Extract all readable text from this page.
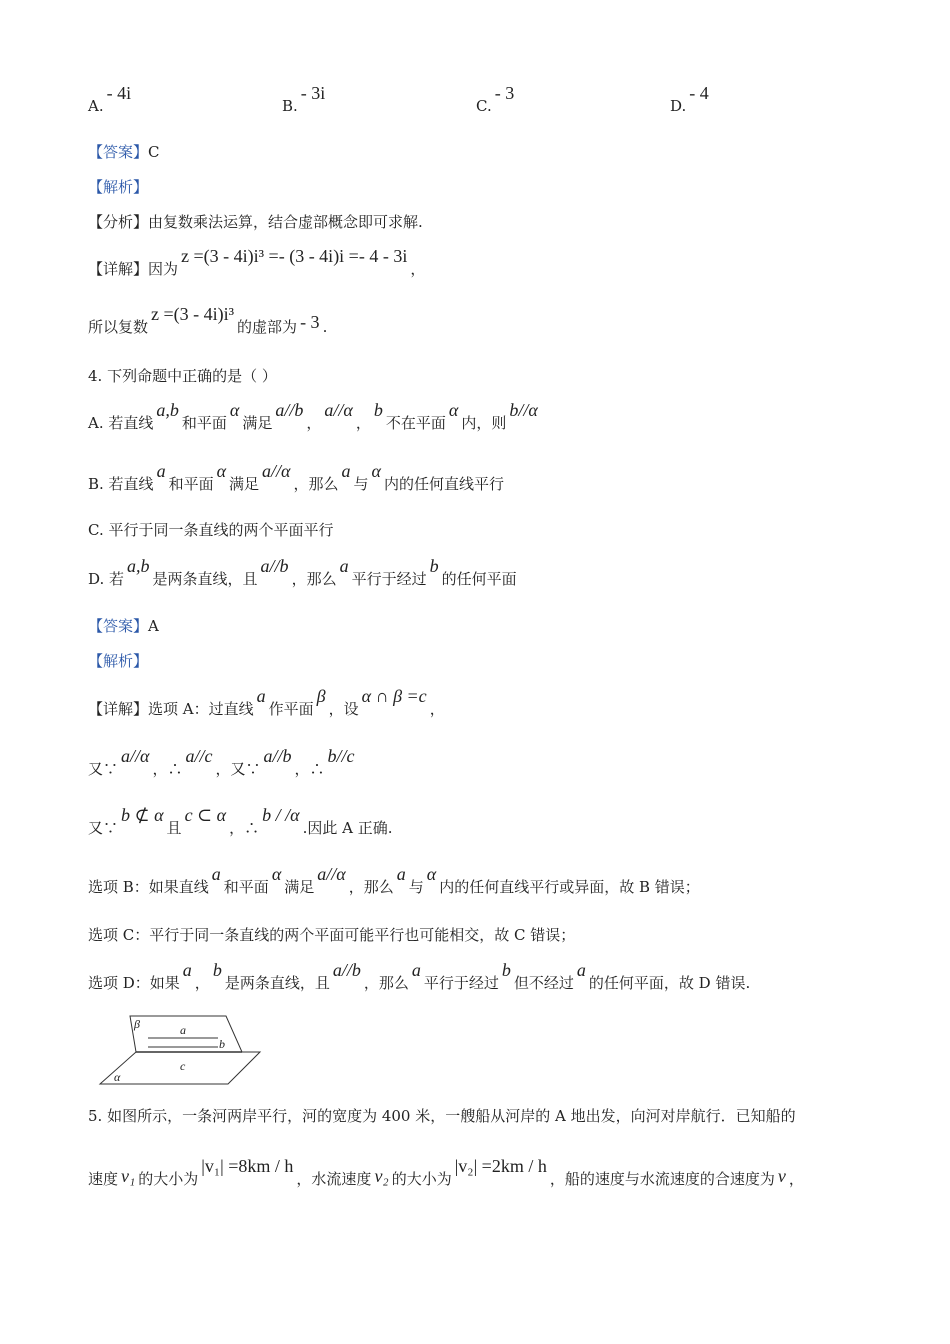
A.- 4i
B.- 3i
C.- 3
D.- 4
【答案】C
【解析】
【分析】由复数乘法运算，结合虚部概念即可求解.
【详解】因为z =(3 - 4i)i³ =- (3 - 4i)i =- 4 - 3i，
所以复数z =(3 - 4i)i³的虚部为 - 3 .
4. 下列命题中正确的是（ ）
A. 若直线a,b和平面α满足a//b，a//α，b不在平面α内，则b//α
B. 若直线a和平面α满足a//α，那么a与α内的任何直线平行
C. 平行于同一条直线的两个平面平行
D. 若a,b是两条直线，且a//b，那么a平行于经过b的任何平面
【答案】A
【解析】
【详解】选项 A：过直线a作平面β，设α ∩ β =c，
又∵a//α，∴a//c，又∵a//b，∴b//c
又∵b ⊄ α且c ⊂ α，∴b / /α.因此 A 正确.
选项 B：如果直线a和平面α满足a//α，那么a与α内的任何直线平行或异面，故 B 错误；
选项 C：平行于同一条直线的两个平面可能平行也可能相交，故 C 错误；
选项 D：如果a，b是两条直线，且a//b，那么a平行于经过b但不经过a的任何平面，故 D 错误.
β	a
b
c
α
5. 如图所示，一条河两岸平行，河的宽度为 400 米，一艘船从河岸的 A 地出发，向河对岸航行．已知船的
速度 v₁ 的大小为|v₁| =8km / h，水流速度 v₂ 的大小为|v₂| =2km / h，船的速度与水流速度的合速度为 v ，
